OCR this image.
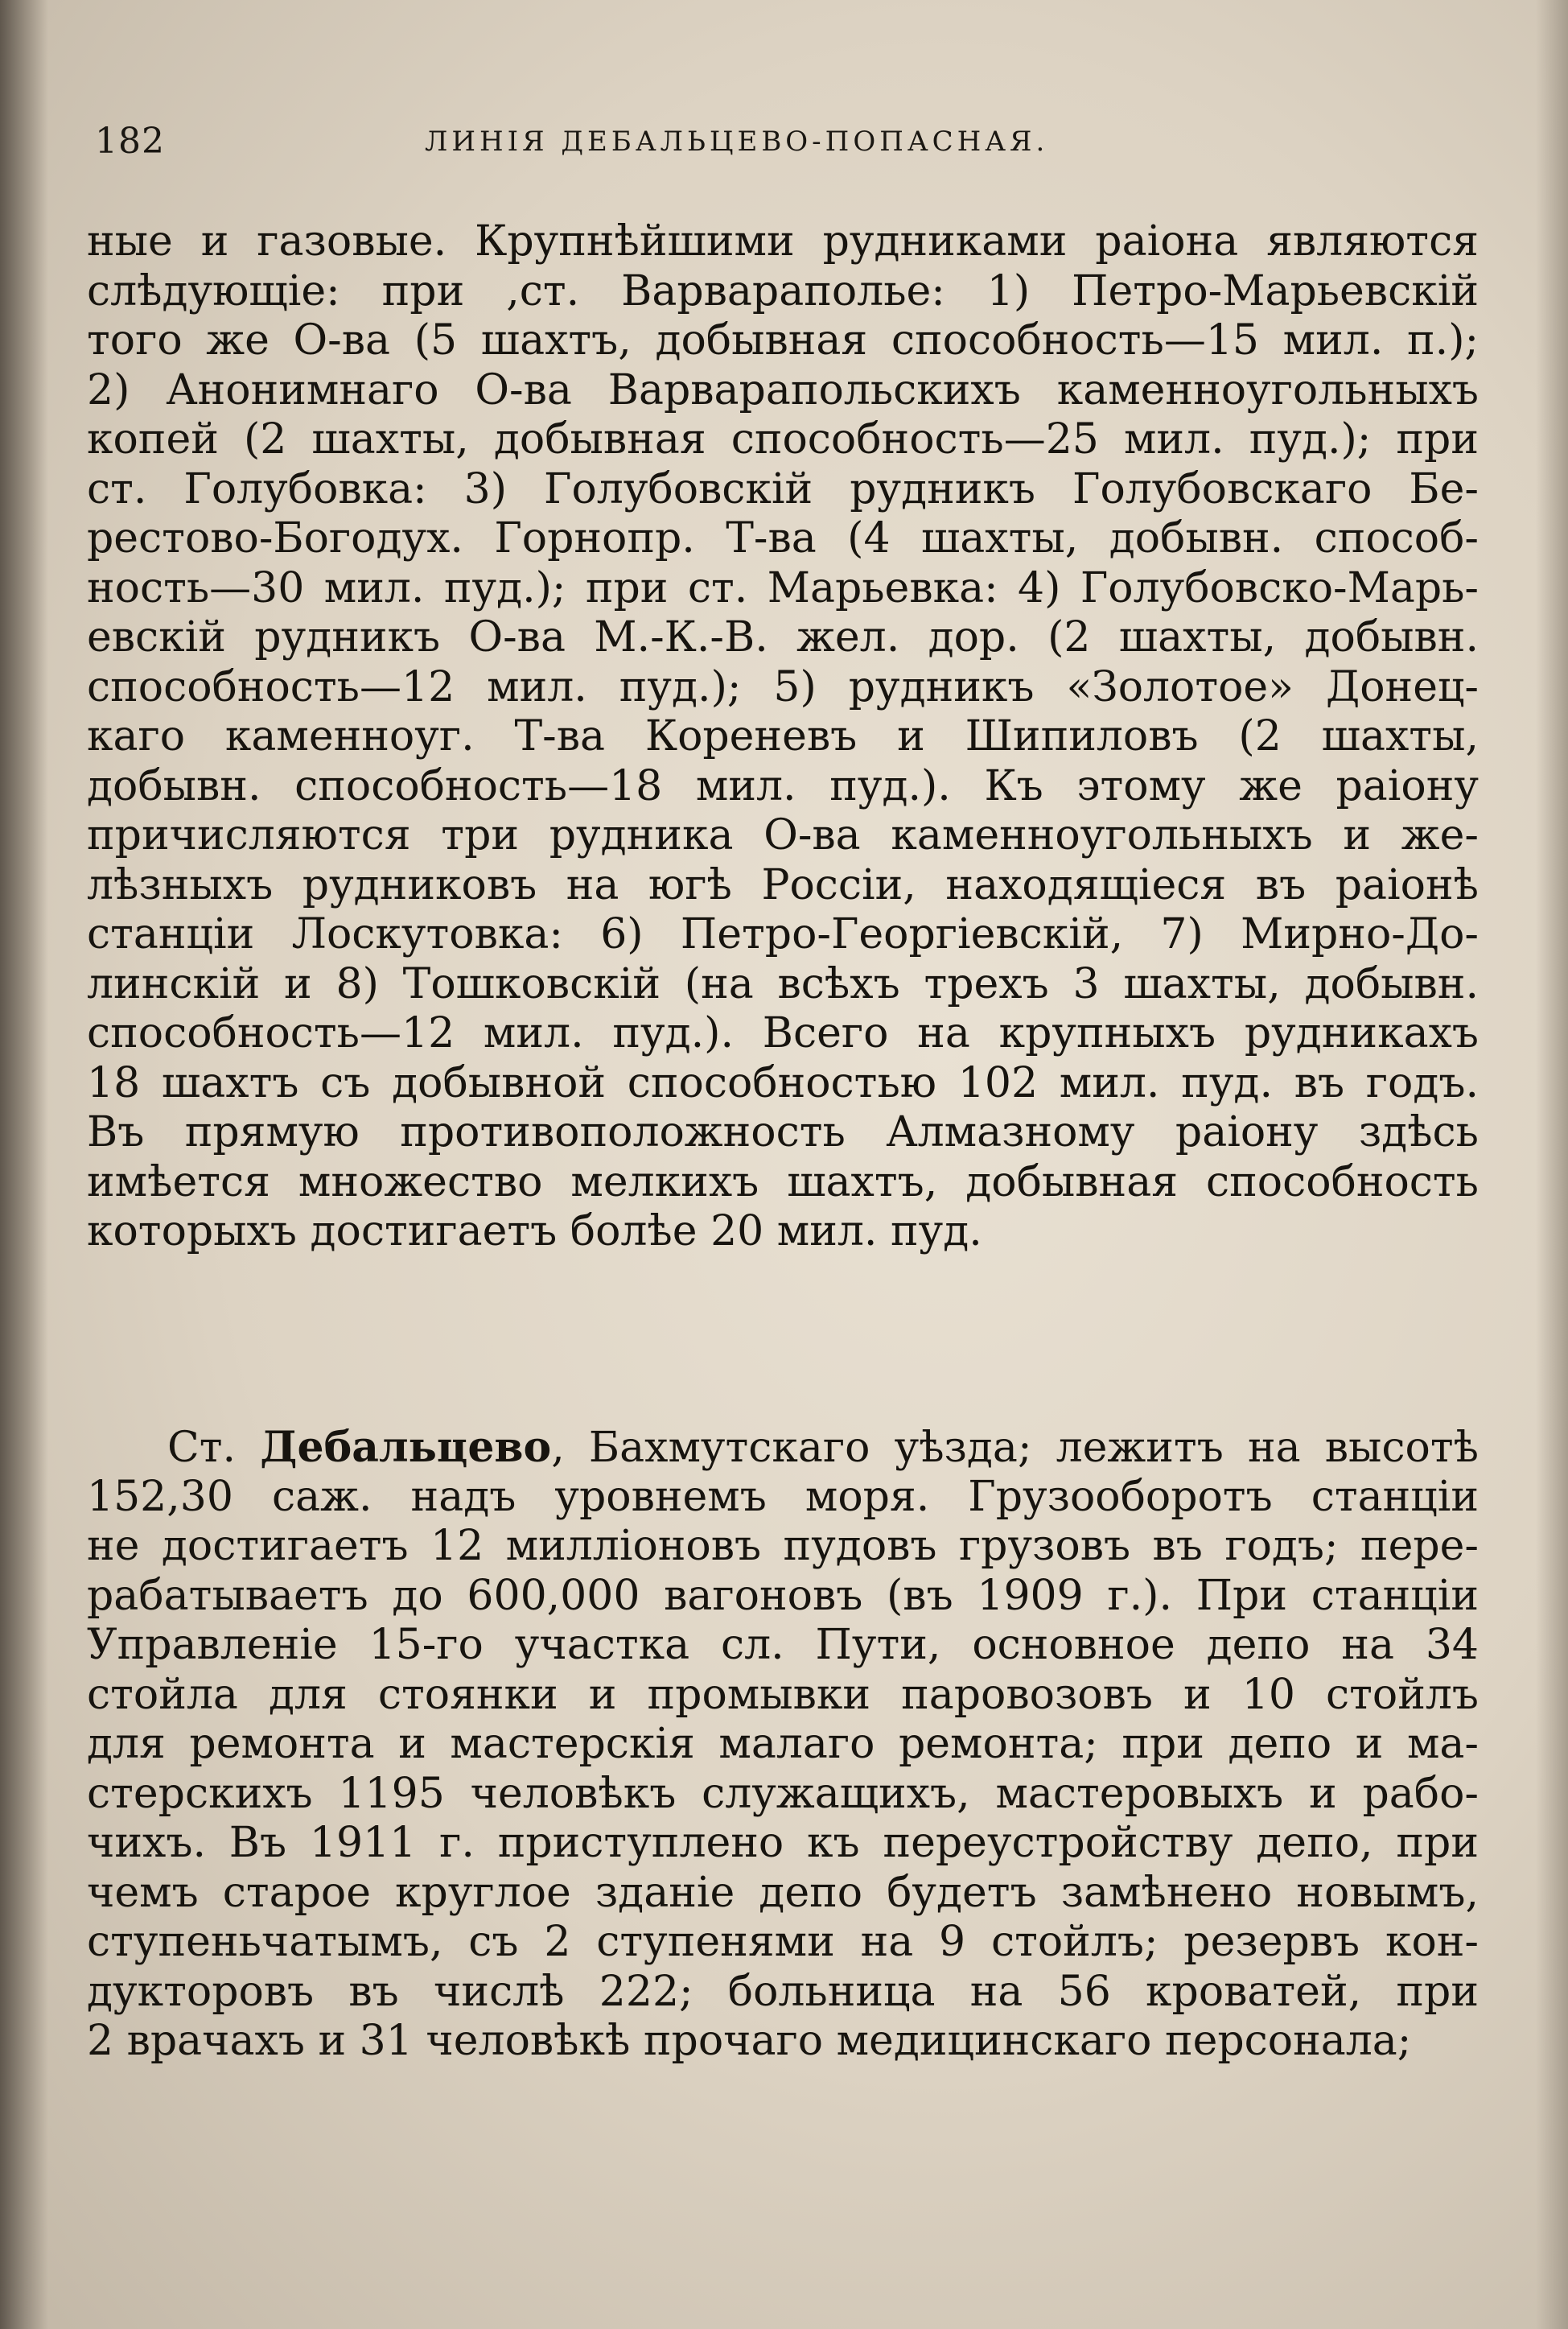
182	ЛИНІЯ ДЕБАЛЬЦЕВО-ПОПАСНАЯ.
ные и газовые. Крупнѣйшими рудниками раіона являются
слѣдующіе: при ,ст. Варвараполье: 1) Петро-Марьевскій
того же О-ва (5 шахтъ, добывная способность—15 мил. п.);
2) Анонимнаго О-ва Варварапольскихъ каменноугольныхъ
копей (2 шахты, добывная способность—25 мил. пуд.); при
ст. Голубовка: 3) Голубовскій рудникъ Голубовскаго Бе-
рестово-Богодух. Горнопр. Т-ва (4 шахты, добывн. способ-
ность—30 мил. пуд.); при ст. Марьевка: 4) Голубовско-Марь-
евскій рудникъ О-ва М.-К.-В. жел. дор. (2 шахты, добывн.
способность—12 мил. пуд.); 5) рудникъ «Золотое» Донец-
каго каменноуг. Т-ва Кореневъ и Шипиловъ (2 шахты,
добывн. способность—18 мил. пуд.). Къ этому же раіону
причисляются три рудника О-ва каменноугольныхъ и же-
лѣзныхъ рудниковъ на югѣ Россіи, находящіеся въ раіонѣ
станціи Лоскутовка: 6) Петро-Георгіевскій, 7) Мирно-До-
линскій и 8) Тошковскій (на всѣхъ трехъ 3 шахты, добывн.
способность—12 мил. пуд.). Всего на крупныхъ рудникахъ
18 шахтъ съ добывной способностью 102 мил. пуд. въ годъ.
Въ прямую противоположность Алмазному раіону здѣсь
имѣется множество мелкихъ шахтъ, добывная способность
которыхъ достигаетъ болѣе 20 мил. пуд.
Ст. Дебальцево, Бахмутскаго уѣзда; лежитъ на высотѣ
152,30 саж. надъ уровнемъ моря. Грузооборотъ станціи
не достигаетъ 12 милліоновъ пудовъ грузовъ въ годъ; пере-
рабатываетъ до 600,000 вагоновъ (въ 1909 г.). При станціи
Управленіе 15-го участка сл. Пути, основное депо на 34
стойла для стоянки и промывки паровозовъ и 10 стойлъ
для ремонта и мастерскія малаго ремонта; при депо и ма-
стерскихъ 1195 человѣкъ служащихъ, мастеровыхъ и рабо-
чихъ. Въ 1911 г. приступлено къ переустройству депо, при
чемъ старое круглое зданіе депо будетъ замѣнено новымъ,
ступеньчатымъ, съ 2 ступенями на 9 стойлъ; резервъ кон-
дукторовъ въ числѣ 222; больница на 56 кроватей, при
2 врачахъ и 31 человѣкѣ прочаго медицинскаго персонала;
